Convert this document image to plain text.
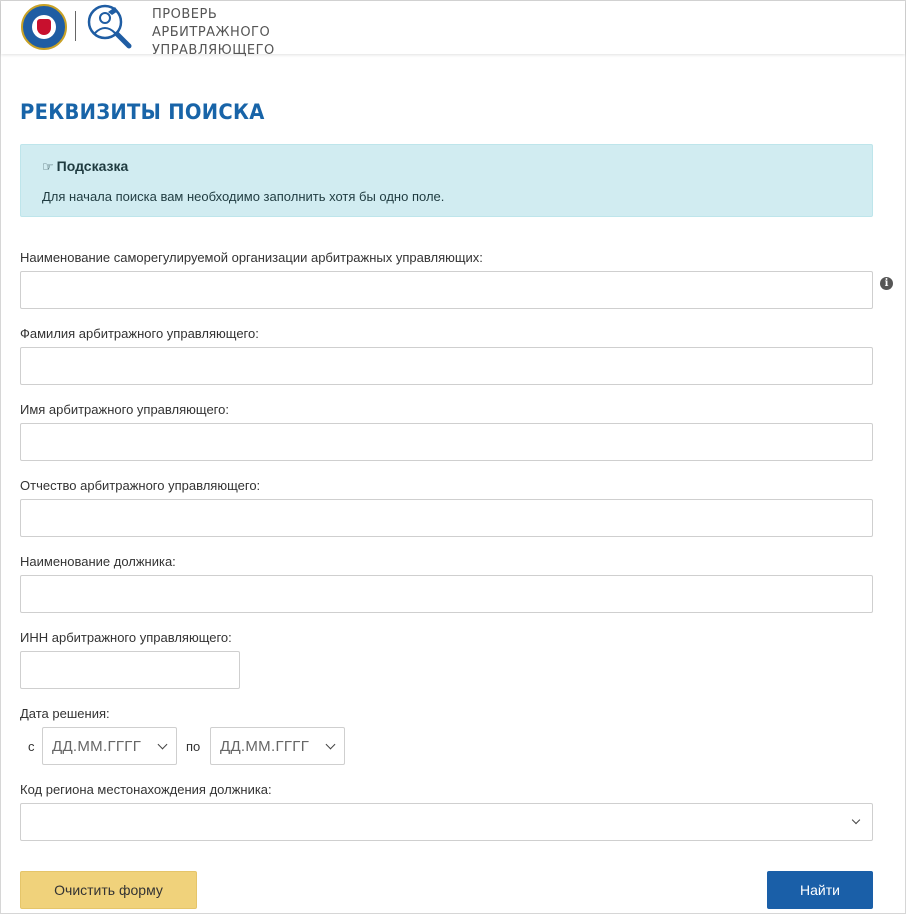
ПРОВЕРЬ
АРБИТРАЖНОГО
УПРАВЛЯЮЩЕГО
РЕКВИЗИТЫ ПОИСКА
☞ Подсказка
Для начала поиска вам необходимо заполнить хотя бы одно поле.
Наименование саморегулируемой организации арбитражных управляющих:
i
Фамилия арбитражного управляющего:
Имя арбитражного управляющего:
Отчество арбитражного управляющего:
Наименование должника:
ИНН арбитражного управляющего:
Дата решения:
с ДД.ММ.ГГГГ	по ДД.ММ.ГГГГ
Код региона местонахождения должника:
Очистить форму	Найти
